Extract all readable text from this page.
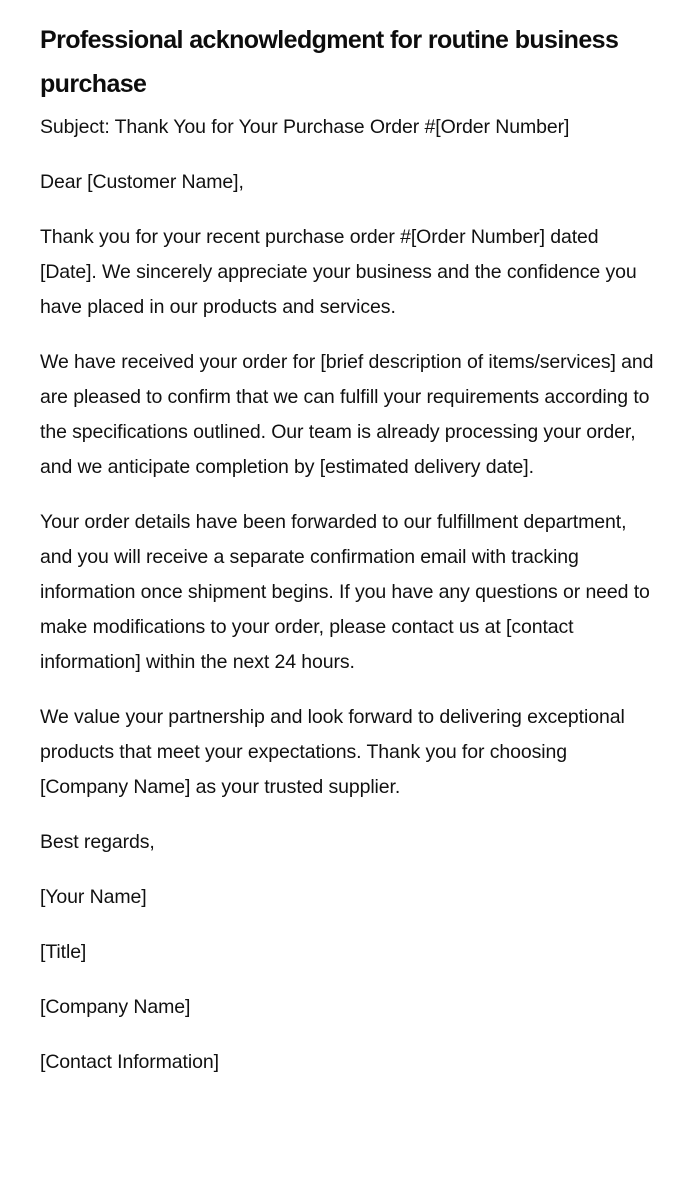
Professional acknowledgment for routine business purchase

Subject: Thank You for Your Purchase Order #[Order Number]

Dear [Customer Name],

Thank you for your recent purchase order #[Order Number] dated [Date]. We sincerely appreciate your business and the confidence you have placed in our products and services.

We have received your order for [brief description of items/services] and are pleased to confirm that we can fulfill your requirements according to the specifications outlined. Our team is already processing your order, and we anticipate completion by [estimated delivery date].

Your order details have been forwarded to our fulfillment department, and you will receive a separate confirmation email with tracking information once shipment begins. If you have any questions or need to make modifications to your order, please contact us at [contact information] within the next 24 hours.

We value your partnership and look forward to delivering exceptional products that meet your expectations. Thank you for choosing [Company Name] as your trusted supplier.

Best regards,

[Your Name]

[Title]

[Company Name]

[Contact Information]
